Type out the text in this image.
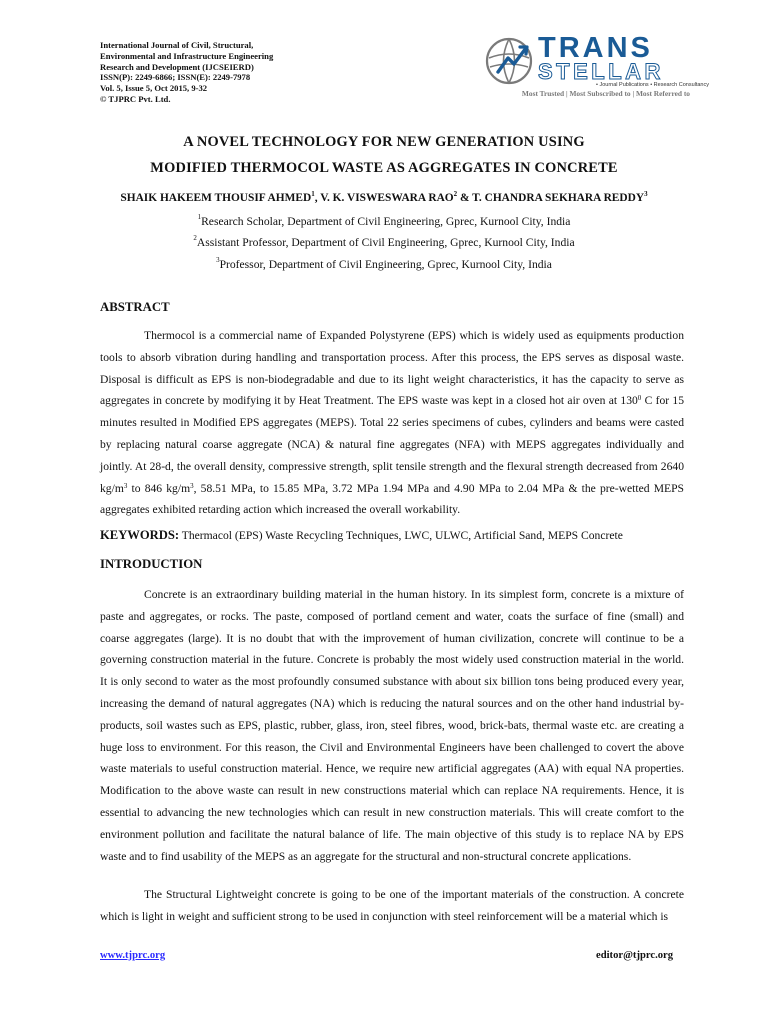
International Journal of Civil, Structural,
Environmental and Infrastructure Engineering
Research and Development (IJCSEIERD)
ISSN(P): 2249-6866; ISSN(E): 2249-7978
Vol. 5, Issue 5, Oct 2015, 9-32
© TJPRC Pvt. Ltd.
TRANS
STELLAR
• Journal Publications • Research Consultancy
Most Trusted | Most Subscribed to | Most Referred to
A NOVEL TECHNOLOGY FOR NEW GENERATION USING
MODIFIED THERMOCOL WASTE AS AGGREGATES IN CONCRETE
SHAIK HAKEEM THOUSIF AHMED$^1$, V. K. VISWESWARA RAO$^2$ & T. CHANDRA SEKHARA REDDY$^3$
$^1$Research Scholar, Department of Civil Engineering, Gprec, Kurnool City, India
$^2$Assistant Professor, Department of Civil Engineering, Gprec, Kurnool City, India
$^3$Professor, Department of Civil Engineering, Gprec, Kurnool City, India
ABSTRACT
Thermocol is a commercial name of Expanded Polystyrene (EPS) which is widely used as equipments production tools to absorb vibration during handling and transportation process. After this process, the EPS serves as disposal waste. Disposal is difficult as EPS is non-biodegradable and due to its light weight characteristics, it has the capacity to serve as aggregates in concrete by modifying it by Heat Treatment. The EPS waste was kept in a closed hot air oven at $130^0$ C for 15 minutes resulted in Modified EPS aggregates (MEPS). Total 22 series specimens of cubes, cylinders and beams were casted by replacing natural coarse aggregate (NCA) & natural fine aggregates (NFA) with MEPS aggregates individually and jointly. At 28-d, the overall density, compressive strength, split tensile strength and the flexural strength decreased from 2640 $kg/m^3$ to 846 $kg/m^3$, 58.51 MPa, to 15.85 MPa, 3.72 MPa 1.94 MPa and 4.90 MPa to 2.04 MPa & the pre-wetted MEPS aggregates exhibited retarding action which increased the overall workability.
KEYWORDS: Thermacol (EPS) Waste Recycling Techniques, LWC, ULWC, Artificial Sand, MEPS Concrete
INTRODUCTION
Concrete is an extraordinary building material in the human history. In its simplest form, concrete is a mixture of paste and aggregates, or rocks. The paste, composed of portland cement and water, coats the surface of fine (small) and coarse aggregates (large). It is no doubt that with the improvement of human civilization, concrete will continue to be a governing construction material in the future. Concrete is probably the most widely used construction material in the world. It is only second to water as the most profoundly consumed substance with about six billion tons being produced every year, increasing the demand of natural aggregates (NA) which is reducing the natural sources and on the other hand industrial by-products, soil wastes such as EPS, plastic, rubber, glass, iron, steel fibres, wood, brick-bats, thermal waste etc. are creating a huge loss to environment. For this reason, the Civil and Environmental Engineers have been challenged to covert the above waste materials to useful construction material. Hence, we require new artificial aggregates (AA) with equal NA properties. Modification to the above waste can result in new constructions material which can replace NA requirements. Hence, it is essential to advancing the new technologies which can result in new construction materials. This will create comfort to the environment pollution and facilitate the natural balance of life. The main objective of this study is to replace NA by EPS waste and to find usability of the MEPS as an aggregate for the structural and non-structural concrete applications.
The Structural Lightweight concrete is going to be one of the important materials of the construction. A concrete which is light in weight and sufficient strong to be used in conjunction with steel reinforcement will be a material which is
www.tjprc.org	editor@tjprc.org
